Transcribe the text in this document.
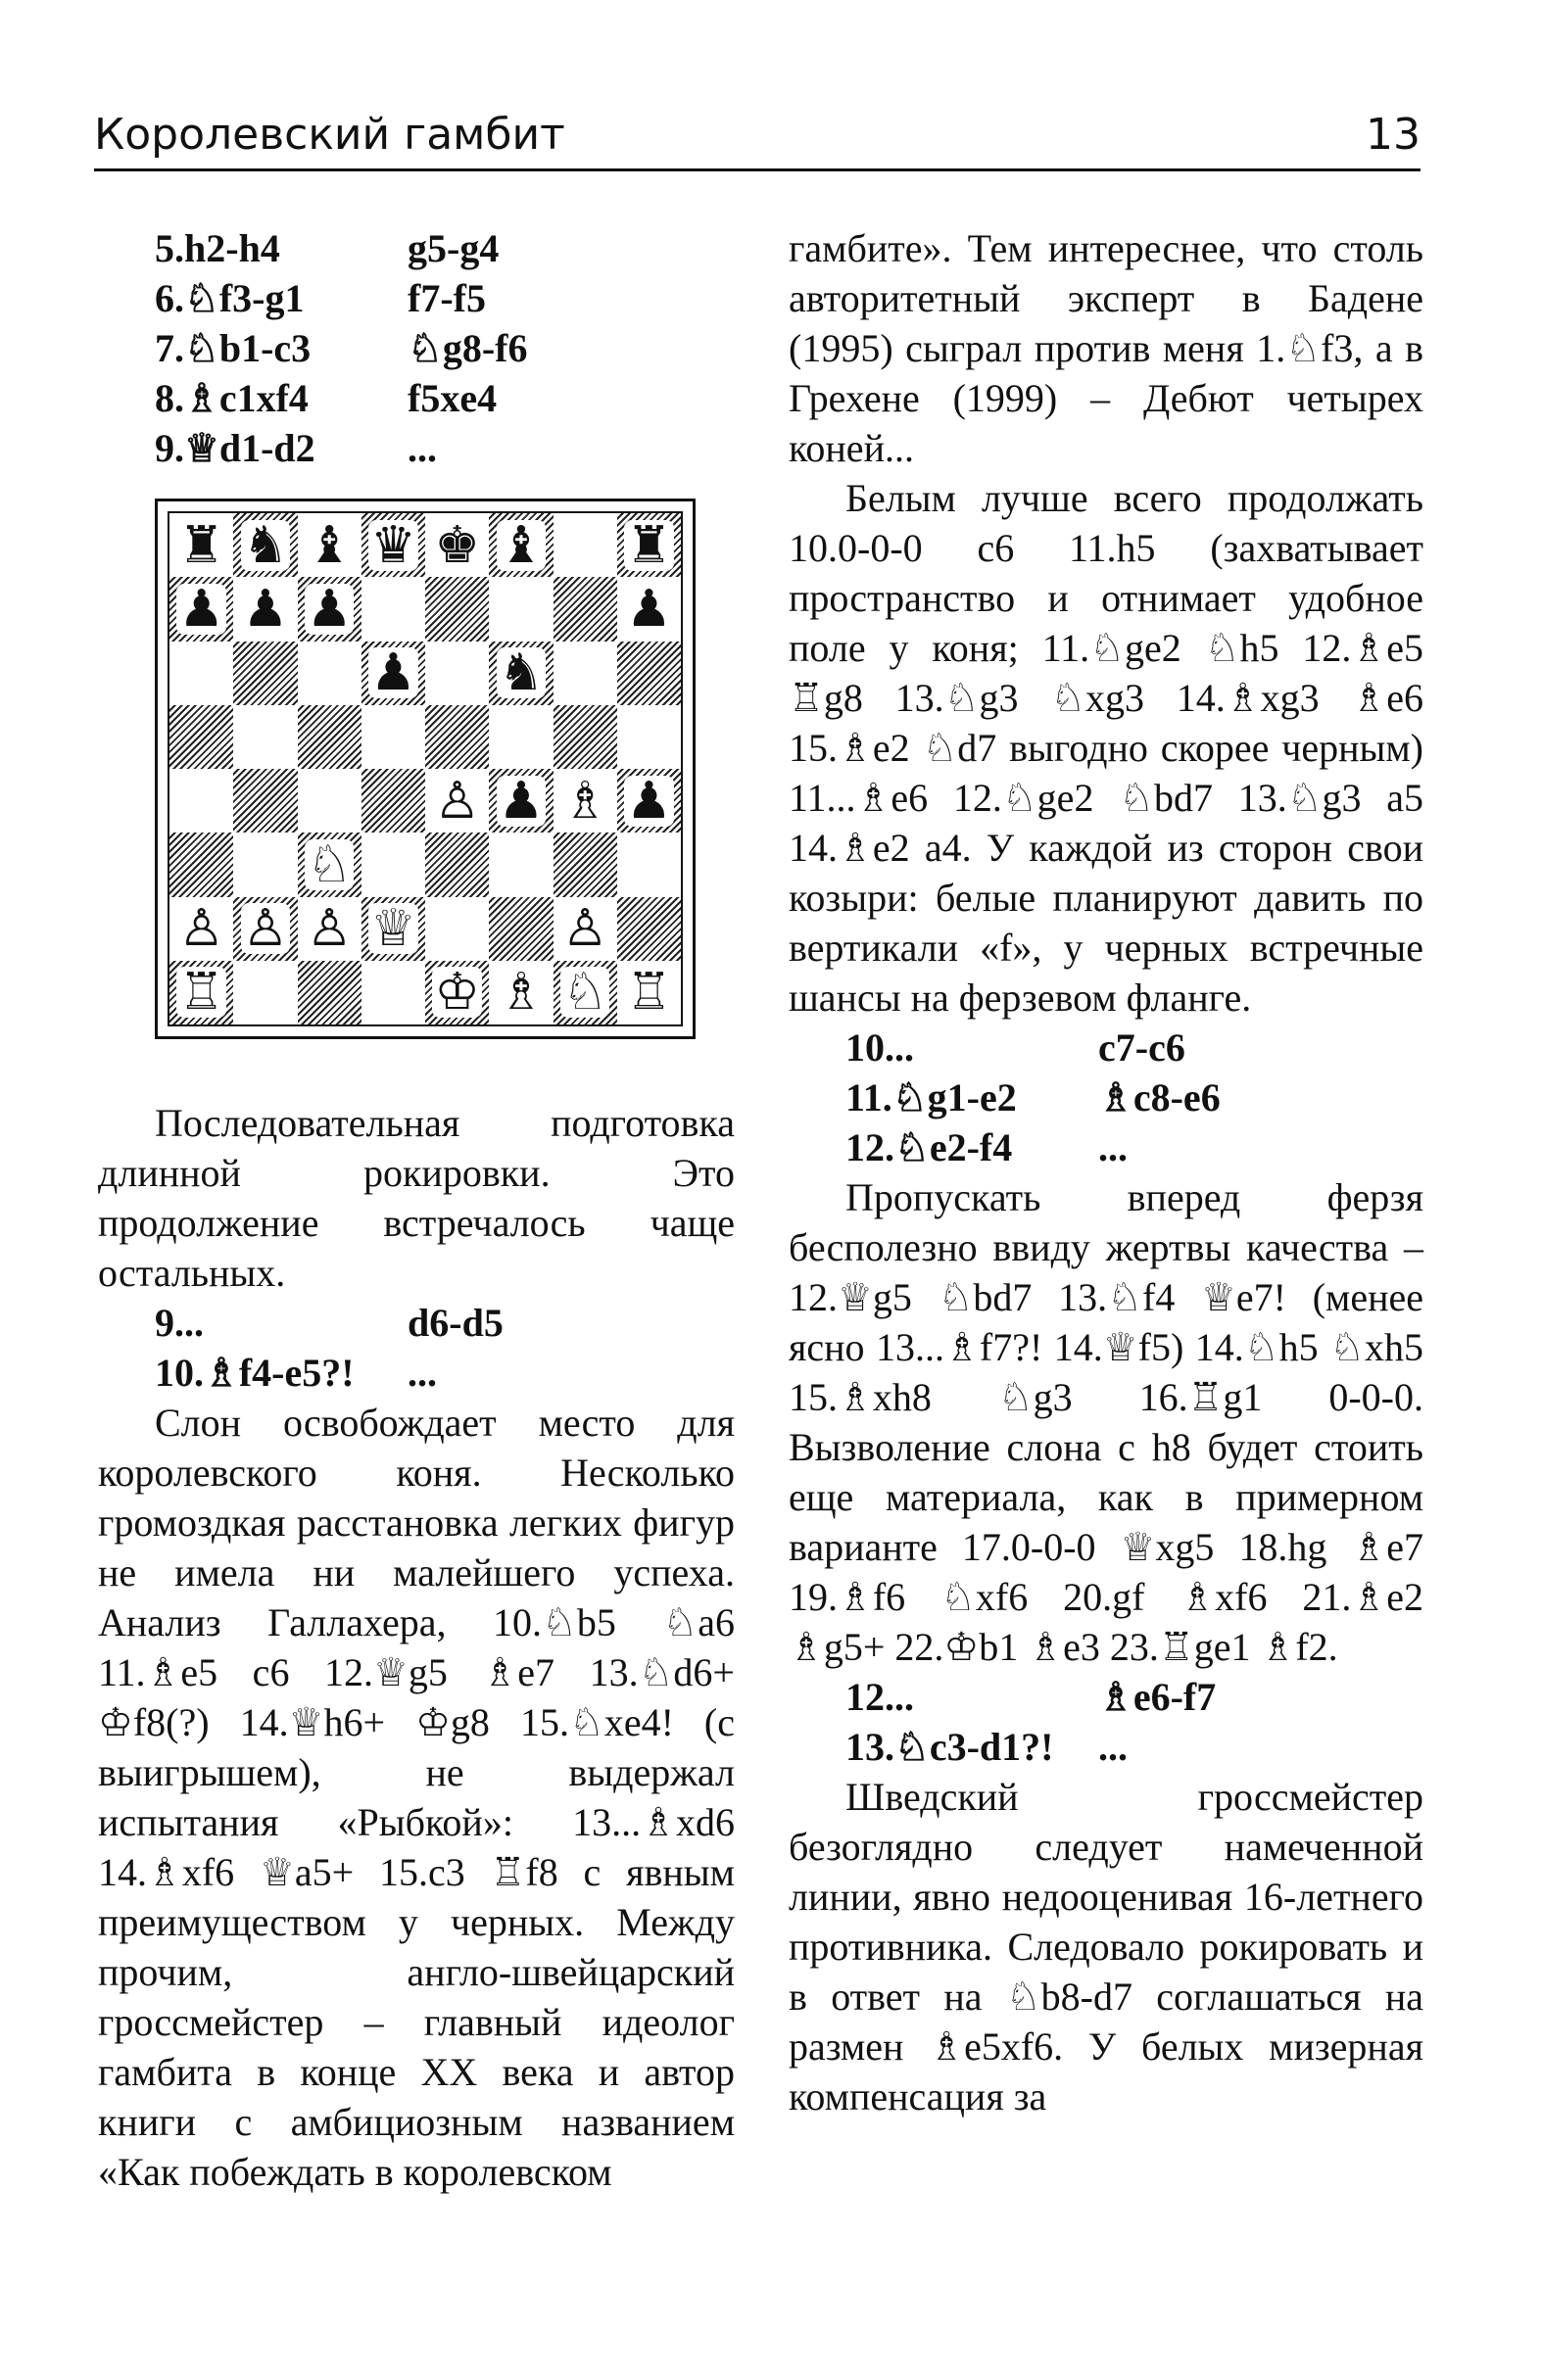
Королевский гамбит	13
5.h2-h4	g5-g4
6.♘f3-g1	f7-f5
7.♘b1-c3	♘g8-f6
8.♗c1xf4	f5xe4
9.♕d1-d2	...
♜ ♞ ♝ ♛ ♚ ♝ ♜
♟ ♟ ♟	♟
♟ ♞
♙ ♟ ♗ ♟
♘
♙ ♙ ♙ ♕	♙
♖	♔ ♗ ♘ ♖

Последовательная подготовка длинной рокировки. Это продолжение встречалось чаще остальных.

9...	d6-d5
10.♗f4-e5?!	...

Слон освобождает место для королевского коня. Несколько громоздкая расстановка легких фигур не имела ни малейшего успеха. Анализ Галлахера, 10.♘b5 ♘a6 11.♗e5 c6 12.♕g5 ♗e7 13.♘d6+ ♔f8(?) 14.♕h6+ ♔g8 15.♘xe4! (с выигрышем), не выдержал испытания «Рыбкой»: 13...♗xd6 14.♗xf6 ♕a5+ 15.c3 ♖f8 с явным преимуществом у черных. Между прочим, англо-швейцарский гроссмейстер – главный идеолог гамбита в конце XX века и автор книги с амбициозным названием «Как побеждать в королевском

гамбите». Тем интереснее, что столь авторитетный эксперт в Бадене (1995) сыграл против меня 1.♘f3, а в Грехене (1999) – Дебют четырех коней...

Белым лучше всего продолжать 10.0-0-0 c6 11.h5 (захватывает пространство и отнимает удобное поле у коня; 11.♘ge2 ♘h5 12.♗e5 ♖g8 13.♘g3 ♘xg3 14.♗xg3 ♗e6 15.♗e2 ♘d7 выгодно скорее черным) 11...♗e6 12.♘ge2 ♘bd7 13.♘g3 a5 14.♗e2 a4. У каждой из сторон свои козыри: белые планируют давить по вертикали «f», у черных встречные шансы на ферзевом фланге.

10...	c7-c6
11.♘g1-e2	♗c8-e6
12.♘e2-f4	...

Пропускать вперед ферзя бесполезно ввиду жертвы качества – 12.♕g5 ♘bd7 13.♘f4 ♕e7! (менее ясно 13...♗f7?! 14.♕f5) 14.♘h5 ♘xh5 15.♗xh8 ♘g3 16.♖g1 0-0-0. Вызволение слона с h8 будет стоить еще материала, как в примерном варианте 17.0-0-0 ♕xg5 18.hg ♗e7 19.♗f6 ♘xf6 20.gf ♗xf6 21.♗e2 ♗g5+ 22.♔b1 ♗e3 23.♖ge1 ♗f2.

12...	♗e6-f7
13.♘c3-d1?!	...

Шведский гроссмейстер безоглядно следует намеченной линии, явно недооценивая 16-летнего противника. Следовало рокировать и в ответ на ♘b8-d7 соглашаться на размен ♗e5xf6. У белых мизерная компенсация за
